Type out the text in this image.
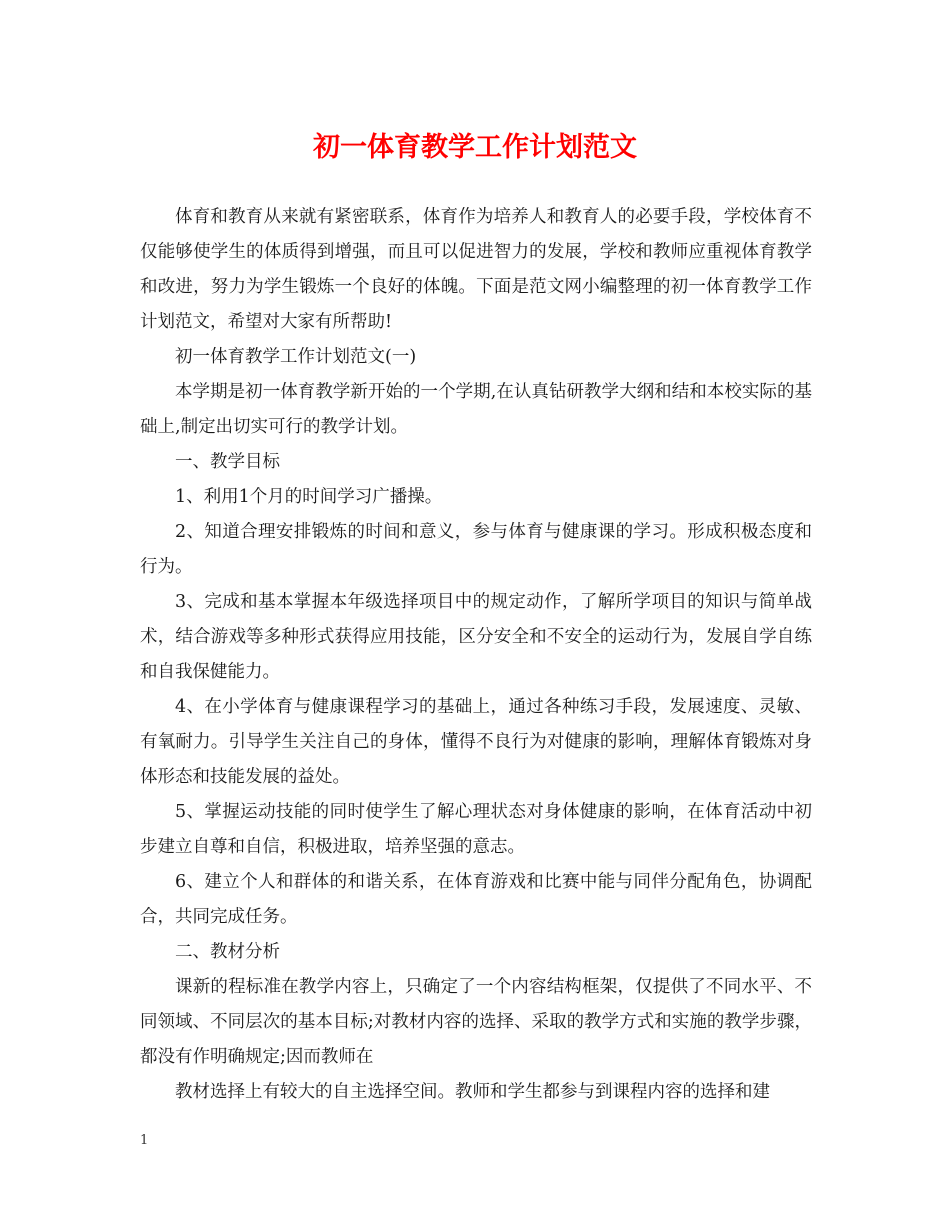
初一体育教学工作计划范文

体育和教育从来就有紧密联系，体育作为培养人和教育人的必要手段，学校体育不仅能够使学生的体质得到增强，而且可以促进智力的发展，学校和教师应重视体育教学和改进，努力为学生锻炼一个良好的体魄。下面是范文网小编整理的初一体育教学工作计划范文，希望对大家有所帮助!

初一体育教学工作计划范文(一)

本学期是初一体育教学新开始的一个学期,在认真钻研教学大纲和结和本校实际的基础上,制定出切实可行的教学计划。

一、教学目标

1、利用1个月的时间学习广播操。

2、知道合理安排锻炼的时间和意义，参与体育与健康课的学习。形成积极态度和行为。

3、完成和基本掌握本年级选择项目中的规定动作，了解所学项目的知识与简单战术，结合游戏等多种形式获得应用技能，区分安全和不安全的运动行为，发展自学自练和自我保健能力。

4、在小学体育与健康课程学习的基础上，通过各种练习手段，发展速度、灵敏、有氧耐力。引导学生关注自己的身体，懂得不良行为对健康的影响，理解体育锻炼对身体形态和技能发展的益处。

5、掌握运动技能的同时使学生了解心理状态对身体健康的影响，在体育活动中初步建立自尊和自信，积极进取，培养坚强的意志。

6、建立个人和群体的和谐关系，在体育游戏和比赛中能与同伴分配角色，协调配合，共同完成任务。

二、教材分析

课新的程标准在教学内容上，只确定了一个内容结构框架，仅提供了不同水平、不同领域、不同层次的基本目标;对教材内容的选择、采取的教学方式和实施的教学步骤，都没有作明确规定;因而教师在

教材选择上有较大的自主选择空间。教师和学生都参与到课程内容的选择和建

1
